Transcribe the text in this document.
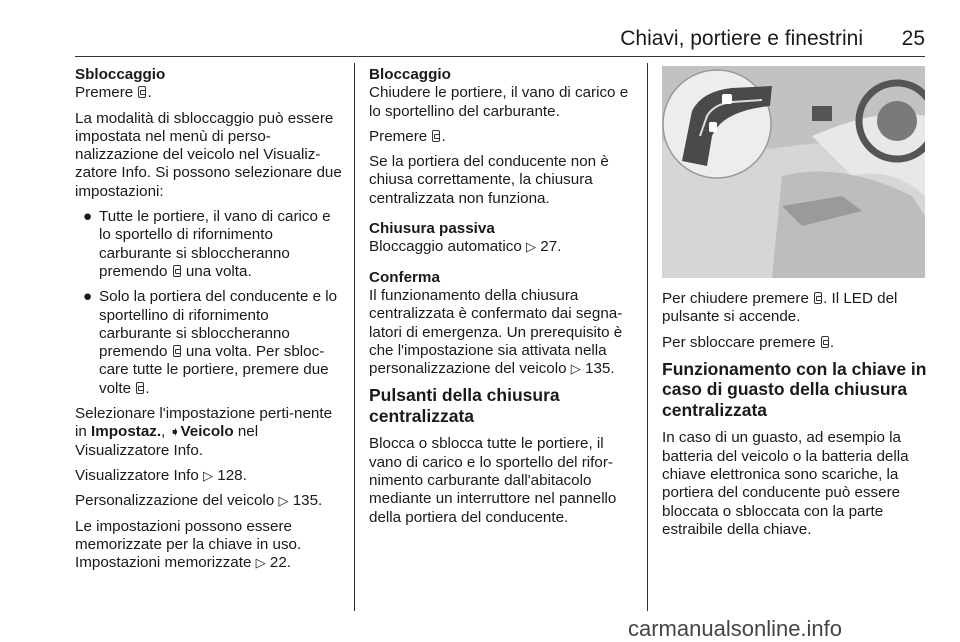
Chiavi, portiere e finestrini 25
Sbloccaggio

Premere .

La modalità di sbloccaggio può essere impostata nel menù di perso-nalizzazione del veicolo nel Visualiz-zatore Info. Si possono selezionare due impostazioni:

● Tutte le portiere, il vano di carico e lo sportello di rifornimento carburante si sbloccheranno premendo  una volta.
● Solo la portiera del conducente e lo sportellino di rifornimento carburante si sbloccheranno premendo  una volta. Per sbloc-care tutte le portiere, premere due volte .

Selezionare l'impostazione perti-nente in Impostaz., ➧Veicolo nel Visualizzatore Info.

Visualizzatore Info ▷ 128.

Personalizzazione del veicolo ▷ 135.

Le impostazioni possono essere memorizzate per la chiave in uso. Impostazioni memorizzate ▷ 22.

Bloccaggio

Chiudere le portiere, il vano di carico e lo sportellino del carburante.

Premere .

Se la portiera del conducente non è chiusa correttamente, la chiusura centralizzata non funziona.

Chiusura passiva

Bloccaggio automatico ▷ 27.

Conferma

Il funzionamento della chiusura centralizzata è confermato dai segna-latori di emergenza. Un prerequisito è che l'impostazione sia attivata nella personalizzazione del veicolo ▷ 135.

Pulsanti della chiusura centralizzata

Blocca o sblocca tutte le portiere, il vano di carico e lo sportello del rifor-nimento carburante dall'abitacolo mediante un interruttore nel pannello della portiera del conducente.

Per chiudere premere . Il LED del pulsante si accende.

Per sbloccare premere .

Funzionamento con la chiave in caso di guasto della chiusura centralizzata

In caso di un guasto, ad esempio la batteria del veicolo o la batteria della chiave elettronica sono scariche, la portiera del conducente può essere bloccata o sbloccata con la parte estraibile della chiave.

carmanualsonline.info
